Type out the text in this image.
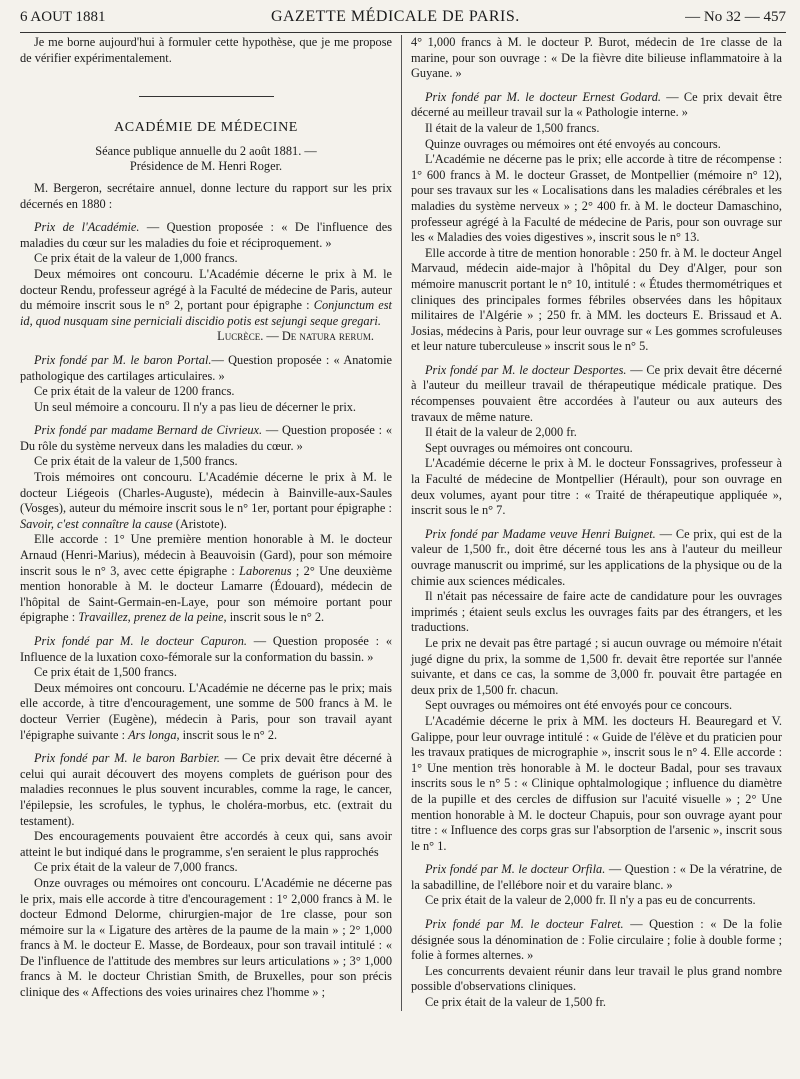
6 AOUT 1881	GAZETTE MÉDICALE DE PARIS.	— No 32 — 457

Je me borne aujourd'hui à formuler cette hypothèse, que je me propose de vérifier expérimentalement.

ACADÉMIE DE MÉDECINE

Séance publique annuelle du 2 août 1881. —

Présidence de M. Henri Roger.

M. Bergeron, secrétaire annuel, donne lecture du rapport sur les prix décernés en 1880 :

Prix de l'Académie. — Question proposée : « De l'influence des maladies du cœur sur les maladies du foie et réciproquement. »

Ce prix était de la valeur de 1,000 francs.

Deux mémoires ont concouru. L'Académie décerne le prix à M. le docteur Rendu, professeur agrégé à la Faculté de médecine de Paris, auteur du mémoire inscrit sous le n° 2, portant pour épigraphe : Conjunctum est id, quod nusquam sine perniciali discidio potis est sejungi seque gregari.

Lucrèce. — De natura rerum.

Prix fondé par M. le baron Portal.— Question proposée : « Anatomie pathologique des cartilages articulaires. »

Ce prix était de la valeur de 1200 francs.

Un seul mémoire a concouru. Il n'y a pas lieu de décerner le prix.

Prix fondé par madame Bernard de Civrieux. — Question proposée : « Du rôle du système nerveux dans les maladies du cœur. »

Ce prix était de la valeur de 1,500 francs.

Trois mémoires ont concouru. L'Académie décerne le prix à M. le docteur Liégeois (Charles-Auguste), médecin à Bainville-aux-Saules (Vosges), auteur du mémoire inscrit sous le n° 1er, portant pour épigraphe : Savoir, c'est connaître la cause (Aristote).

Elle accorde : 1° Une première mention honorable à M. le docteur Arnaud (Henri-Marius), médecin à Beauvoisin (Gard), pour son mémoire inscrit sous le n° 3, avec cette épigraphe : Laborenus ; 2° Une deuxième mention honorable à M. le docteur Lamarre (Édouard), médecin de l'hôpital de Saint-Germain-en-Laye, pour son mémoire portant pour épigraphe : Travaillez, prenez de la peine, inscrit sous le n° 2.

Prix fondé par M. le docteur Capuron. — Question proposée : « Influence de la luxation coxo-fémorale sur la conformation du bassin. »

Ce prix était de 1,500 francs.

Deux mémoires ont concouru. L'Académie ne décerne pas le prix; mais elle accorde, à titre d'encouragement, une somme de 500 francs à M. le docteur Verrier (Eugène), médecin à Paris, pour son travail ayant l'épigraphe suivante : Ars longa, inscrit sous le n° 2.

Prix fondé par M. le baron Barbier. — Ce prix devait être décerné à celui qui aurait découvert des moyens complets de guérison pour des maladies reconnues le plus souvent incurables, comme la rage, le cancer, l'épilepsie, les scrofules, le typhus, le choléra-morbus, etc. (extrait du testament).

Des encouragements pouvaient être accordés à ceux qui, sans avoir atteint le but indiqué dans le programme, s'en seraient le plus rapprochés

Ce prix était de la valeur de 7,000 francs.

Onze ouvrages ou mémoires ont concouru. L'Académie ne décerne pas le prix, mais elle accorde à titre d'encouragement : 1° 2,000 francs à M. le docteur Edmond Delorme, chirurgien-major de 1re classe, pour son mémoire sur la « Ligature des artères de la paume de la main » ; 2° 1,000 francs à M. le docteur E. Masse, de Bordeaux, pour son travail intitulé : « De l'influence de l'attitude des membres sur leurs articulations » ; 3° 1,000 francs à M. le docteur Christian Smith, de Bruxelles, pour son précis clinique des « Affections des voies urinaires chez l'homme » ;

4° 1,000 francs à M. le docteur P. Burot, médecin de 1re classe de la marine, pour son ouvrage : « De la fièvre dite bilieuse inflammatoire à la Guyane. »

Prix fondé par M. le docteur Ernest Godard. — Ce prix devait être décerné au meilleur travail sur la « Pathologie interne. »

Il était de la valeur de 1,500 francs.

Quinze ouvrages ou mémoires ont été envoyés au concours.

L'Académie ne décerne pas le prix; elle accorde à titre de récompense : 1° 600 francs à M. le docteur Grasset, de Montpellier (mémoire n° 12), pour ses travaux sur les « Localisations dans les maladies cérébrales et les maladies du système nerveux » ; 2° 400 fr. à M. le docteur Damaschino, professeur agrégé à la Faculté de médecine de Paris, pour son ouvrage sur les « Maladies des voies digestives », inscrit sous le n° 13.

Elle accorde à titre de mention honorable : 250 fr. à M. le docteur Angel Marvaud, médecin aide-major à l'hôpital du Dey d'Alger, pour son mémoire manuscrit portant le n° 10, intitulé : « Études thermométriques et cliniques des principales formes fébriles observées dans les hôpitaux militaires de l'Algérie » ; 250 fr. à MM. les docteurs E. Brissaud et A. Josias, médecins à Paris, pour leur ouvrage sur « Les gommes scrofuleuses et leur nature tuberculeuse » inscrit sous le n° 5.

Prix fondé par M. le docteur Desportes. — Ce prix devait être décerné à l'auteur du meilleur travail de thérapeutique médicale pratique. Des récompenses pouvaient être accordées à l'auteur ou aux auteurs des travaux de même nature.

Il était de la valeur de 2,000 fr.

Sept ouvrages ou mémoires ont concouru.

L'Académie décerne le prix à M. le docteur Fonssagrives, professeur à la Faculté de médecine de Montpellier (Hérault), pour son ouvrage en deux volumes, ayant pour titre : « Traité de thérapeutique appliquée », inscrit sous le n° 7.

Prix fondé par Madame veuve Henri Buignet. — Ce prix, qui est de la valeur de 1,500 fr., doit être décerné tous les ans à l'auteur du meilleur ouvrage manuscrit ou imprimé, sur les applications de la physique ou de la chimie aux sciences médicales.

Il n'était pas nécessaire de faire acte de candidature pour les ouvrages imprimés ; étaient seuls exclus les ouvrages faits par des étrangers, et les traductions.

Le prix ne devait pas être partagé ; si aucun ouvrage ou mémoire n'était jugé digne du prix, la somme de 1,500 fr. devait être reportée sur l'année suivante, et dans ce cas, la somme de 3,000 fr. pouvait être partagée en deux prix de 1,500 fr. chacun.

Sept ouvrages ou mémoires ont été envoyés pour ce concours.

L'Académie décerne le prix à MM. les docteurs H. Beauregard et V. Galippe, pour leur ouvrage intitulé : « Guide de l'élève et du praticien pour les travaux pratiques de micrographie », inscrit sous le n° 4. Elle accorde : 1° Une mention très honorable à M. le docteur Badal, pour ses travaux inscrits sous le n° 5 : « Clinique ophtalmologique ; influence du diamètre de la pupille et des cercles de diffusion sur l'acuité visuelle » ; 2° Une mention honorable à M. le docteur Chapuis, pour son ouvrage ayant pour titre : « Influence des corps gras sur l'absorption de l'arsenic », inscrit sous le n° 1.

Prix fondé par M. le docteur Orfila. — Question : « De la vératrine, de la sabadilline, de l'ellébore noir et du varaire blanc. »

Ce prix était de la valeur de 2,000 fr. Il n'y a pas eu de concurrents.

Prix fondé par M. le docteur Falret. — Question : « De la folie désignée sous la dénomination de : Folie circulaire ; folie à double forme ; folie à formes alternes. »

Les concurrents devaient réunir dans leur travail le plus grand nombre possible d'observations cliniques.

Ce prix était de la valeur de 1,500 fr.
